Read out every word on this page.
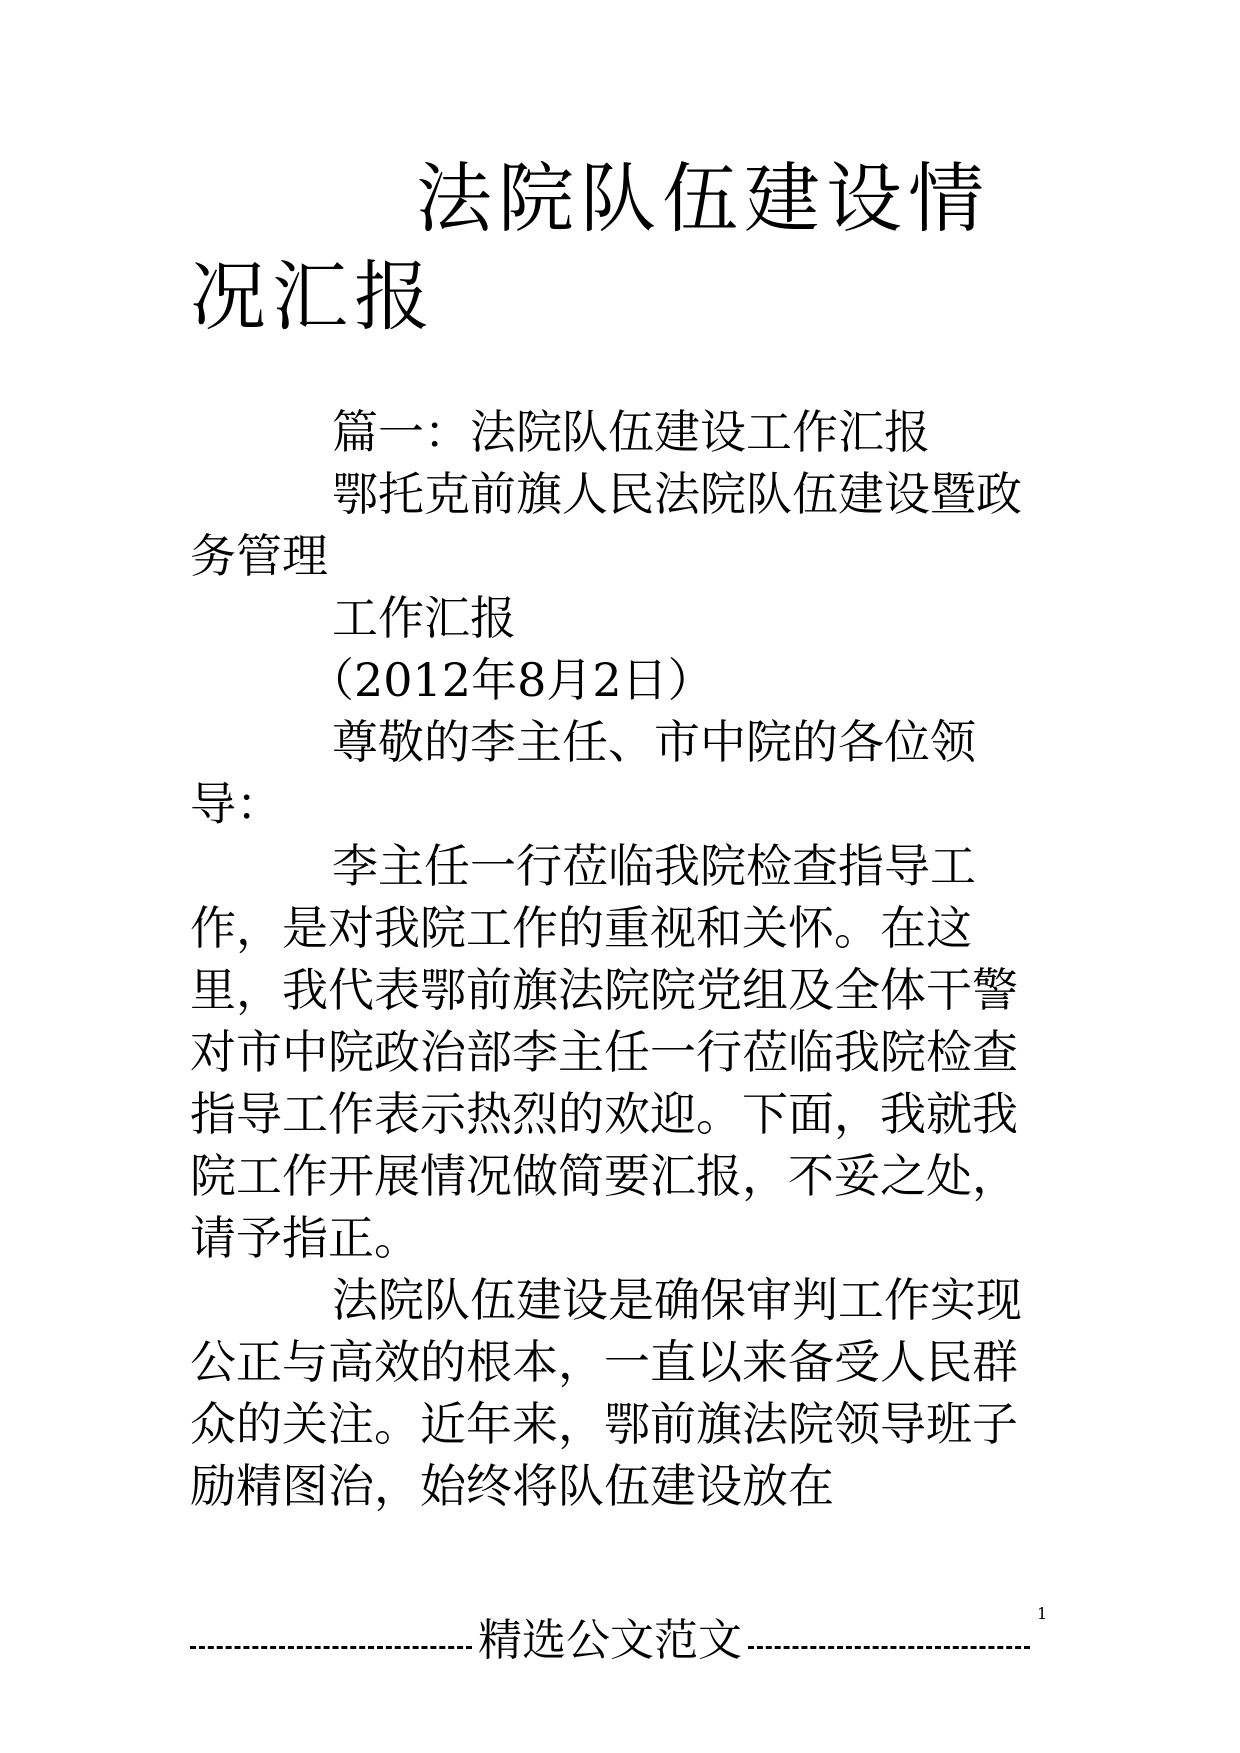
法院队伍建设情况汇报

篇一：法院队伍建设工作汇报

鄂托克前旗人民法院队伍建设暨政务管理

工作汇报

（2012年8月2日）

尊敬的李主任、市中院的各位领导：

李主任一行莅临我院检查指导工作，是对我院工作的重视和关怀。在这里，我代表鄂前旗法院院党组及全体干警对市中院政治部李主任一行莅临我院检查指导工作表示热烈的欢迎。下面，我就我院工作开展情况做简要汇报，不妥之处，请予指正。

法院队伍建设是确保审判工作实现公正与高效的根本，一直以来备受人民群众的关注。近年来，鄂前旗法院领导班子励精图治，始终将队伍建设放在

1
精选公文范文
